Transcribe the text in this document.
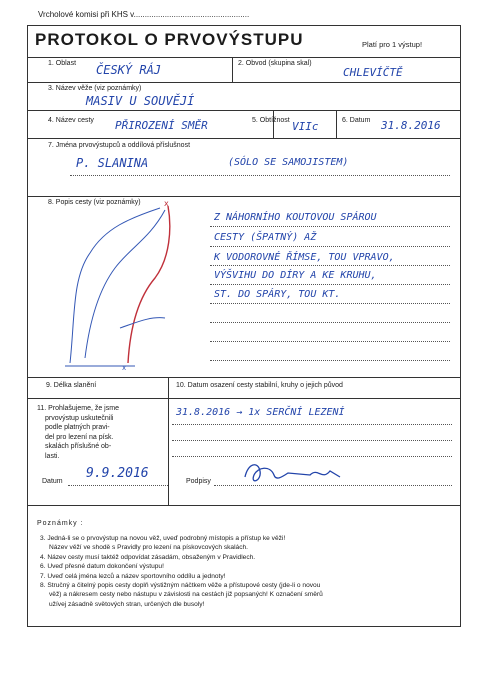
Vrcholové komisi při KHS v....................................................
PROTOKOL O PRVOVÝSTUPU	Platí pro 1 výstup!
1. Oblast ČESKÝ RÁJ	2. Obvod (skupina skal)
CHLEVÍČTĚ
3. Název věže (viz poznámky)
MASIV U SOUVĚJÍ
4. Název cesty PŘIROZENÍ SMĚR	5. Obtížnost VIIc	6. Datum 31.8.2016
7. Jména prvovýstupců a oddílová příslušnost
P. SLANINA	(SÓLO SE SAMOJISTEM)
8. Popis cesty (viz poznámky)	x
x
Z NÁHORNÍHO KOUTOVOU SPÁROU
CESTY (ŠPATNÝ) AŽ
K VODOROVNÉ ŘÍMSE, TOU VPRAVO,
VÝŠVIHU DO DÍRY A KE KRUHU,
ST. DO SPÁRY, TOU KT.
9. Délka slanění	10. Datum osazení cesty stabilní, kruhy o jejich původ
11. Prohlašujeme, že jsme
prvovýstup uskutečnili
podle platných pravi-
del pro lezení na písk.
skalách příslušné ob-
lasti.
31.8.2016 → 1x SERČNÍ LEZENÍ
Datum
9.9.2016
Podpisy
Poznámky :
3. Jedná-li se o prvovýstup na novou věž, uveď podrobný místopis a přístup ke věži!
Název věží ve shodě s Pravidly pro lezení na pískovcových skalách.
4. Název cesty musí taktéž odpovídat zásadám, obsaženým v Pravidlech.
6. Uveď přesné datum dokončení výstupu!
7. Uveď celá jména lezců a název sportovního oddílu a jednoty!
8. Stručný a čitelný popis cesty doplň výstižným náčtkem věže a přístupové cesty (jde-li o novou
věž) a nákresem cesty nebo nástupu v závislosti na cestách již popsaných! K označení směrů
užívej zásadně světových stran, určených dle busoly!
